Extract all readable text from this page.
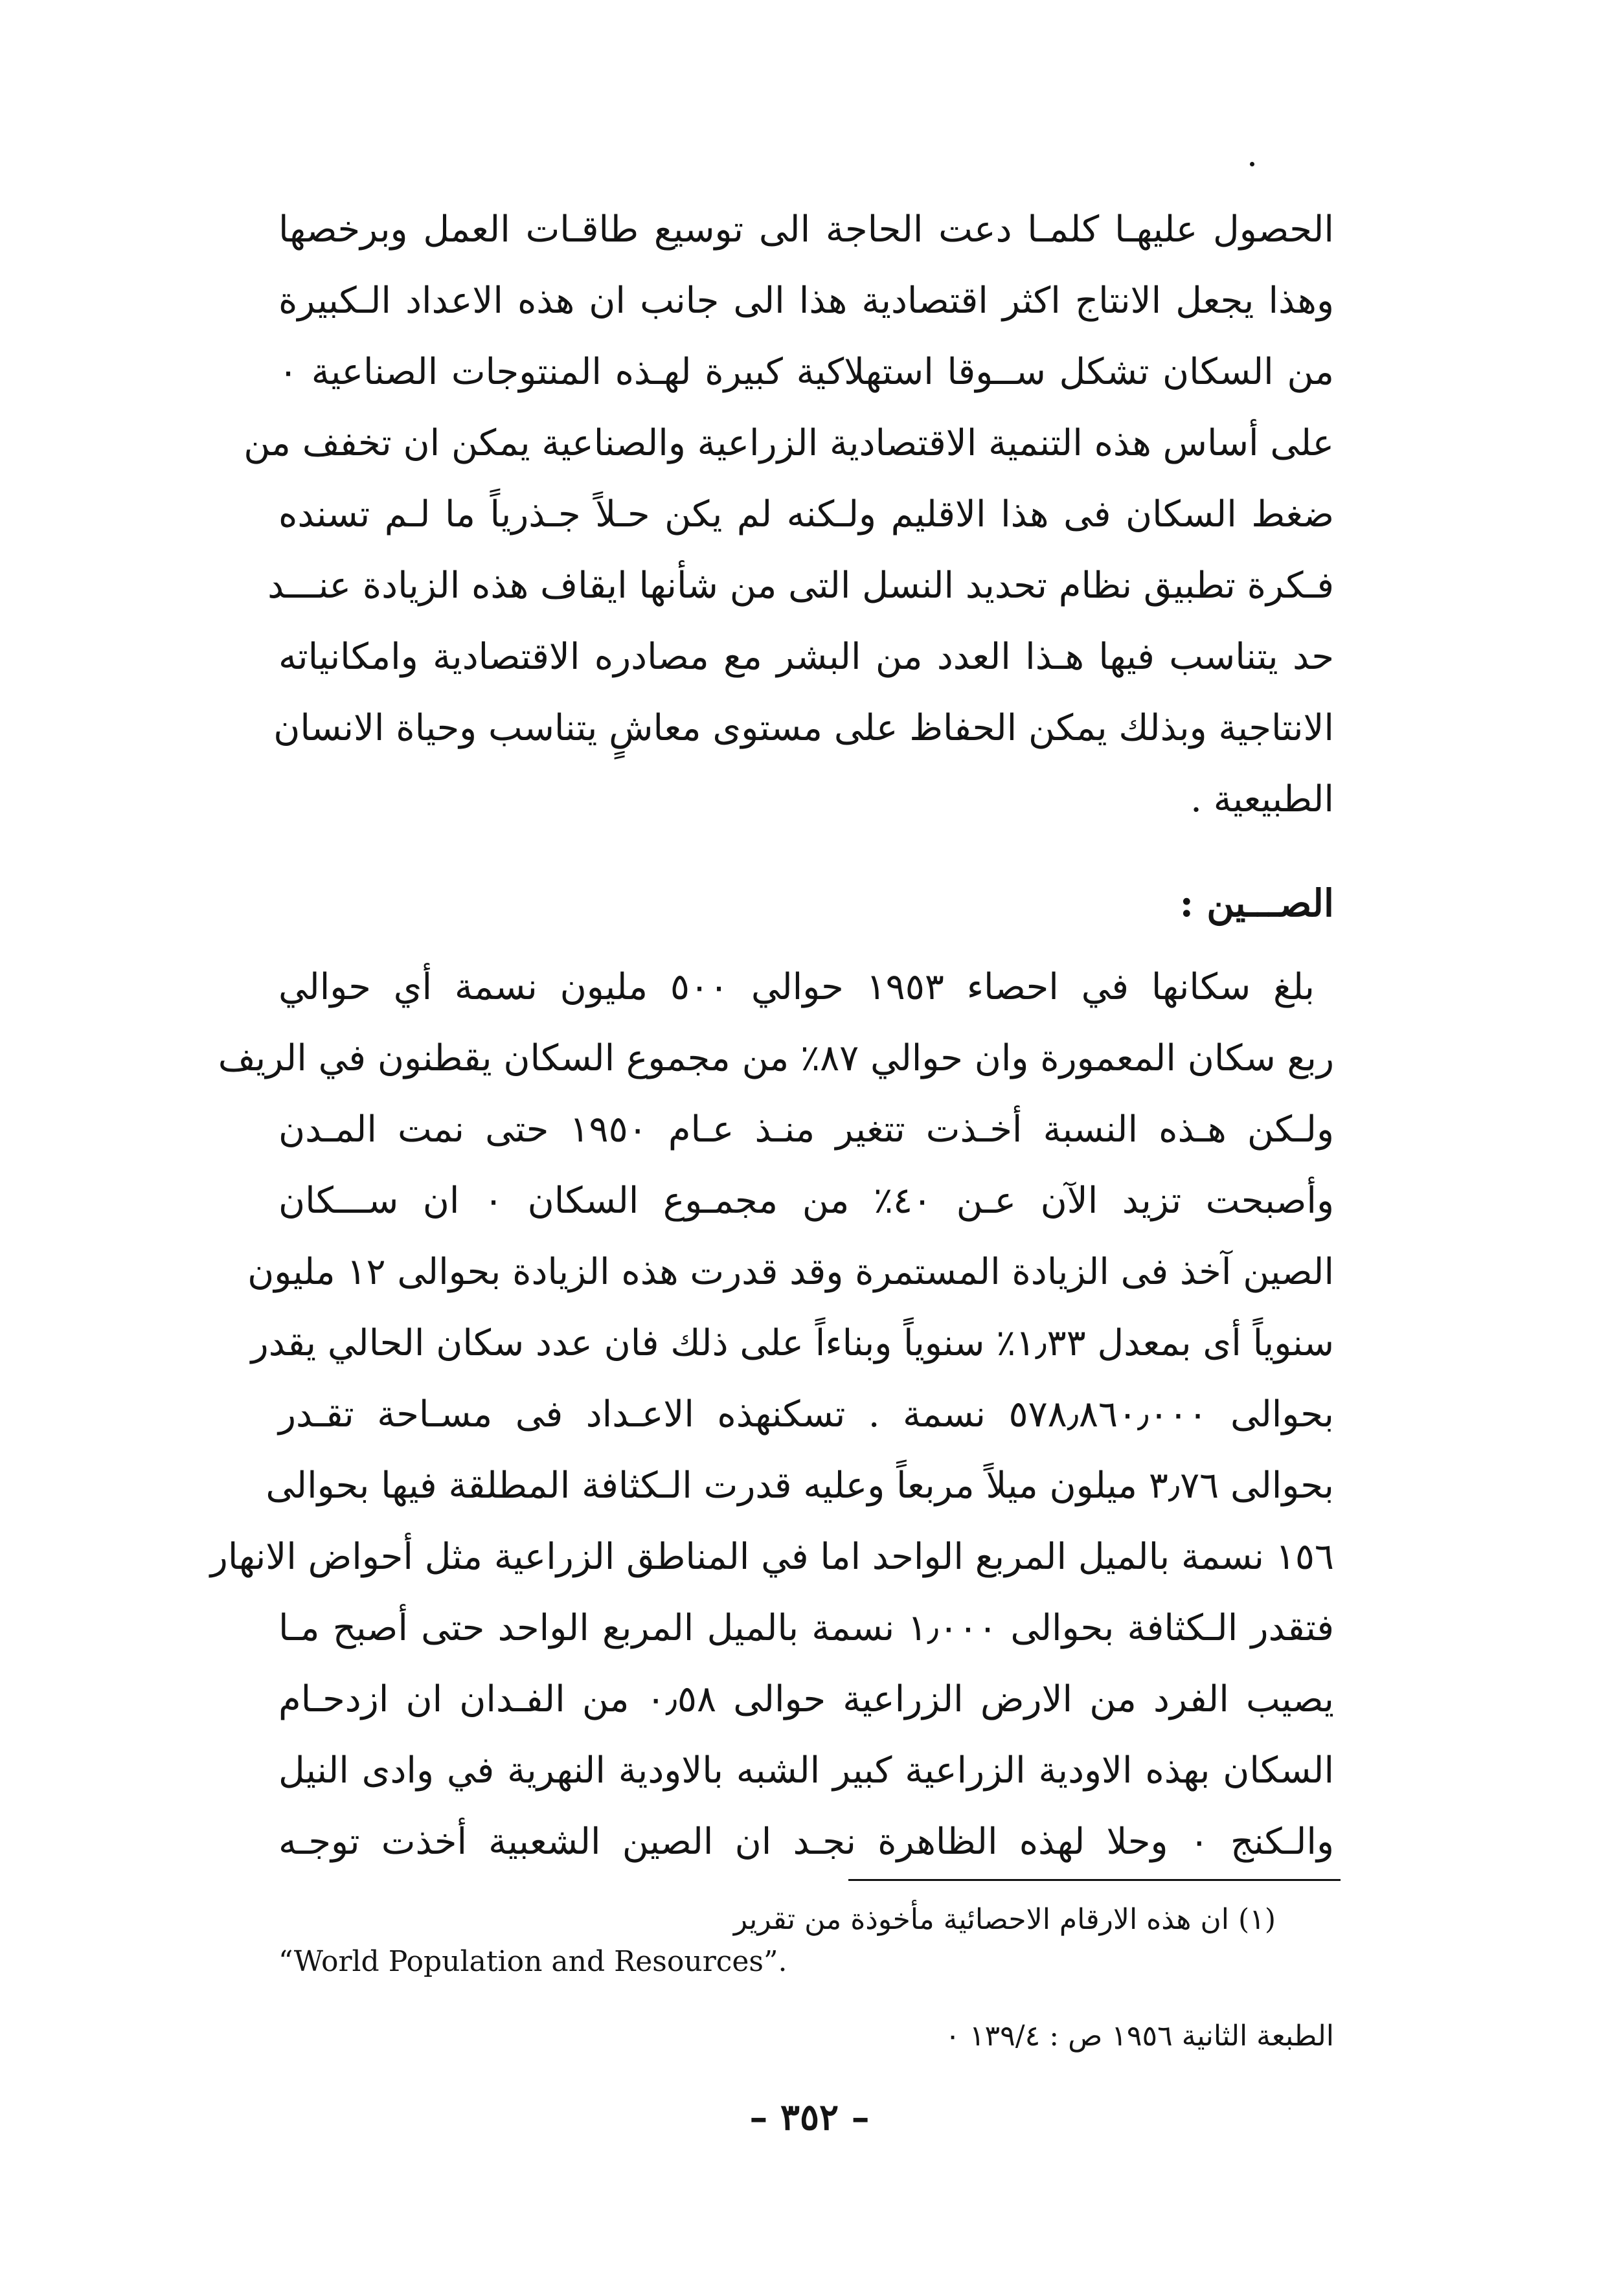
الحصول عليهـا كلمـا دعت الحاجة الى توسيع طاقـات العمل وبرخصها
وهذا يجعل الانتاج اكثر اقتصادية هذا الى جانب ان هذه الاعداد الـكبيرة
من السكان تشكل ســوقا استهلاكية كبيرة لهـذه المنتوجات الصناعية ٠
على أساس هذه التنمية الاقتصادية الزراعية والصناعية يمكن ان تخفف من
ضغط السكان فى هذا الاقليم ولـكنه لم يكن حـلاً جـذرياً ما لـم تسنده
فـكرة تطبيق نظام تحديد النسل التى من شأنها ايقاف هذه الزيادة عنـــد
حد يتناسب فيها هـذا العدد من البشر مع مصادره الاقتصادية وامكانياته
الانتاجية وبذلك يمكن الحفاظ على مستوى معاشٍ يتناسب وحياة الانسان
الطبيعية .
الصـــين :
بلغ سكانها في احصاء ١٩٥٣ حوالي ٥٠٠ مليون نسمة أي حوالي
ربع سكان المعمورة وان حوالي ٨٧٪ من مجموع السكان يقطنون في الريف
ولـكن هـذه النسبة أخـذت تتغير منـذ عـام ١٩٥٠ حتى نمت المـدن
وأصبحت تزيد الآن عـن ٤٠٪ من مجمـوع السكان ٠ ان ســـكان
الصين آخذ فى الزيادة المستمرة وقد قدرت هذه الزيادة بحوالى ١٢ مليون
سنوياً أى بمعدل ١٫٣٣٪ سنوياً وبناءاً على ذلك فان عدد سكان الحالي يقدر
بحوالى ٥٧٨٫٨٦٠٫٠٠٠ نسمة . تسكنهذه الاعـداد فى مسـاحة تقـدر
بحوالى ٣٫٧٦ ميلون ميلاً مربعاً وعليه قدرت الـكثافة المطلقة فيها بحوالى
١٥٦ نسمة بالميل المربع الواحد اما في المناطق الزراعية مثل أحواض الانهار
فتقدر الـكثافة بحوالى ١٫٠٠٠ نسمة بالميل المربع الواحد حتى أصبح مـا
يصيب الفرد من الارض الزراعية حوالى ٠٫٥٨ من الفـدان ان ازدحـام
السكان بهذه الاودية الزراعية كبير الشبه بالاودية النهرية في وادى النيل
والـكنج ٠ وحلا لهذه الظاهرة نجـد ان الصين الشعبية أخذت توجـه
(١) ان هذه الارقام الاحصائية مأخوذة من تقرير
“World Population and Resources”.
الطبعة الثانية ١٩٥٦ ص : ١٣٩/٤ ٠
– ٣٥٢ –
